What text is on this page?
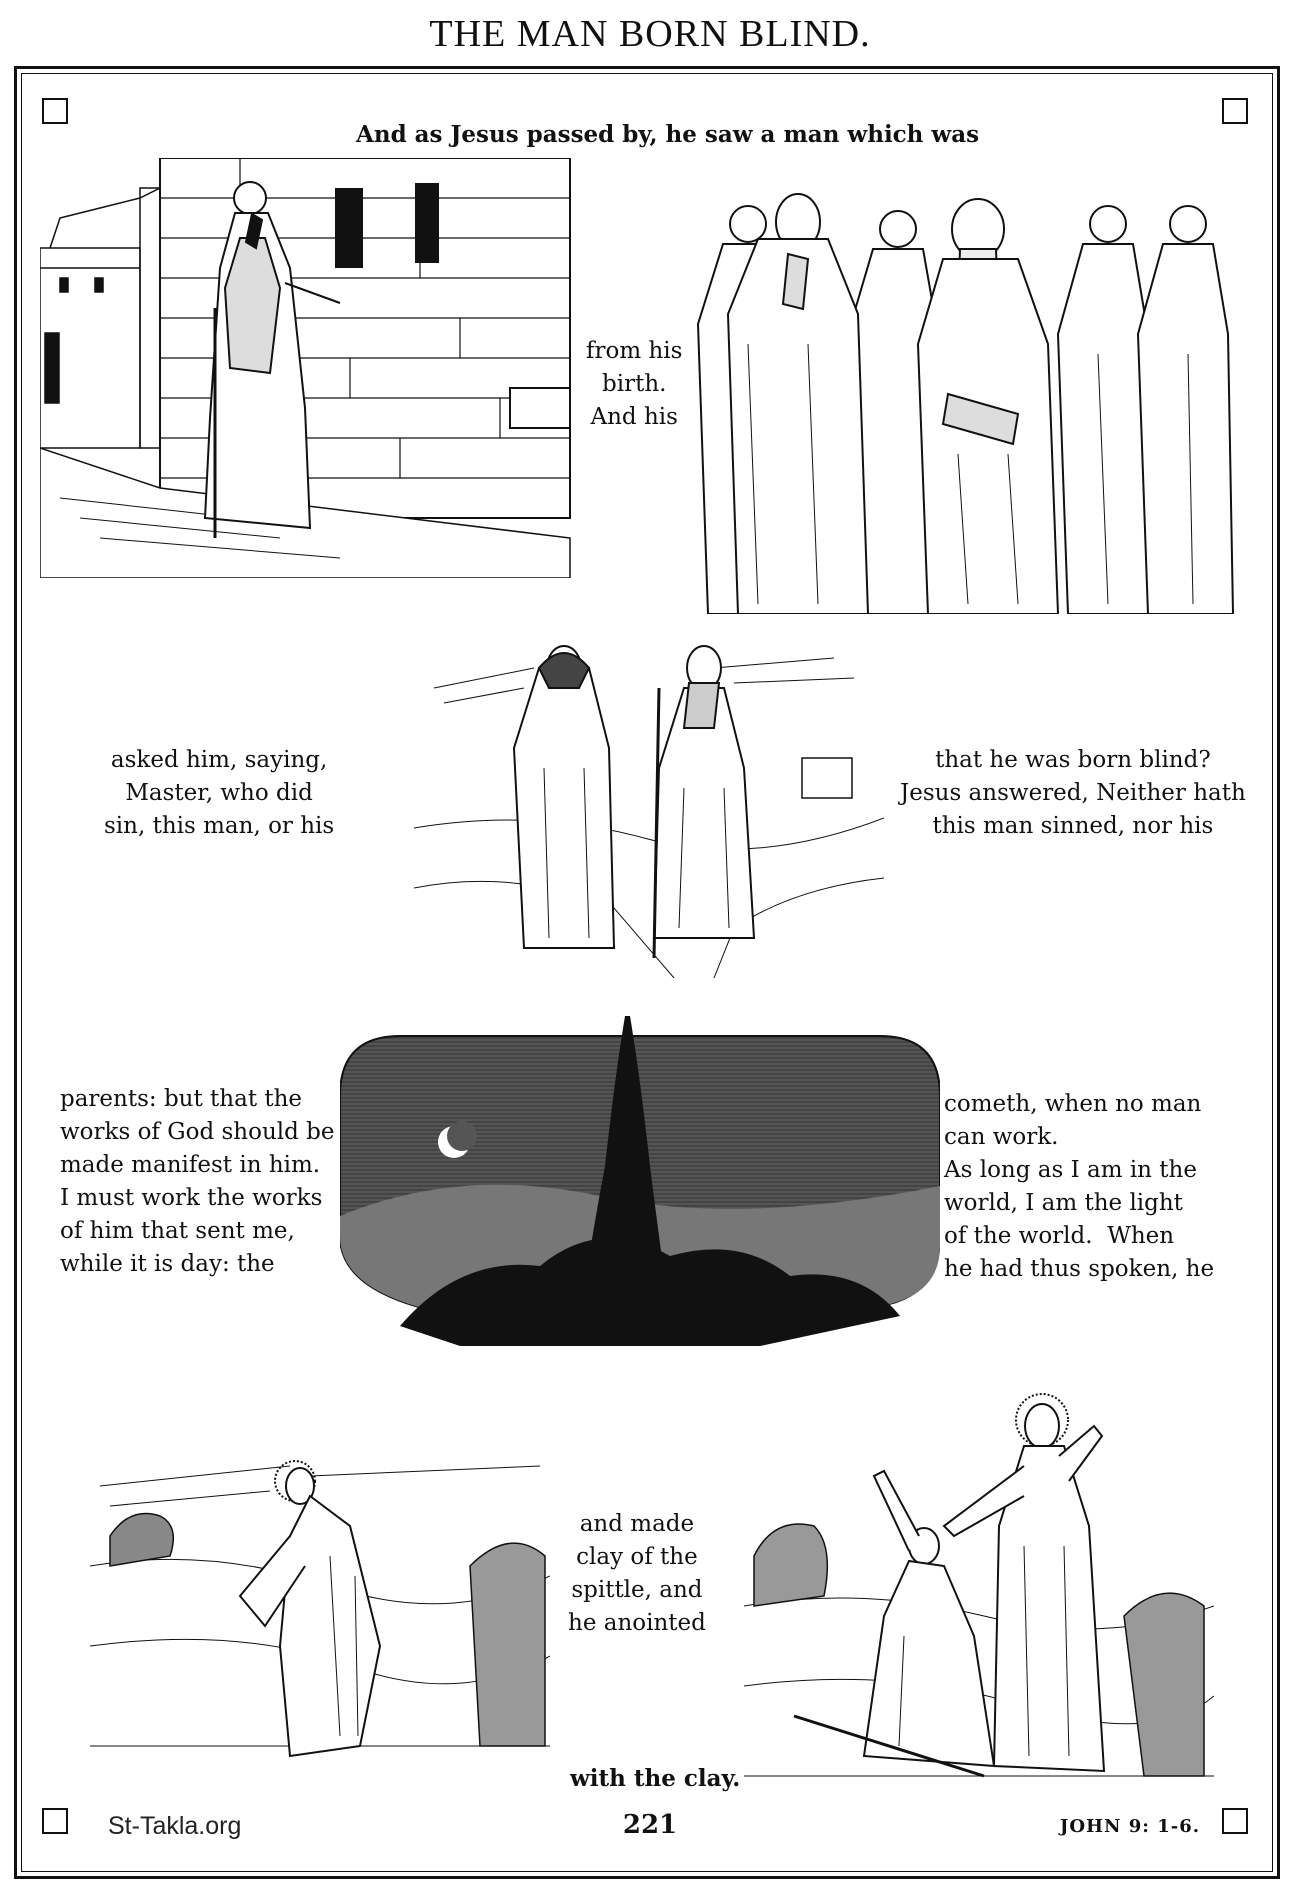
THE MAN BORN BLIND.
And as Jesus passed by, he saw a man which was
from his
birth.
And his
asked him, saying,
Master, who did
sin, this man, or his
that he was born blind?
Jesus answered, Neither hath
this man sinned, nor his
parents: but that the
works of God should be
made manifest in him.
I must work the works
of him that sent me,
while it is day: the
cometh, when no man
can work.
As long as I am in the
world, I am the light
of the world.  When
he had thus spoken, he
and made
clay of the
spittle, and
he anointed
with the clay.
St-Takla.org	221	JOHN 9: 1-6.
